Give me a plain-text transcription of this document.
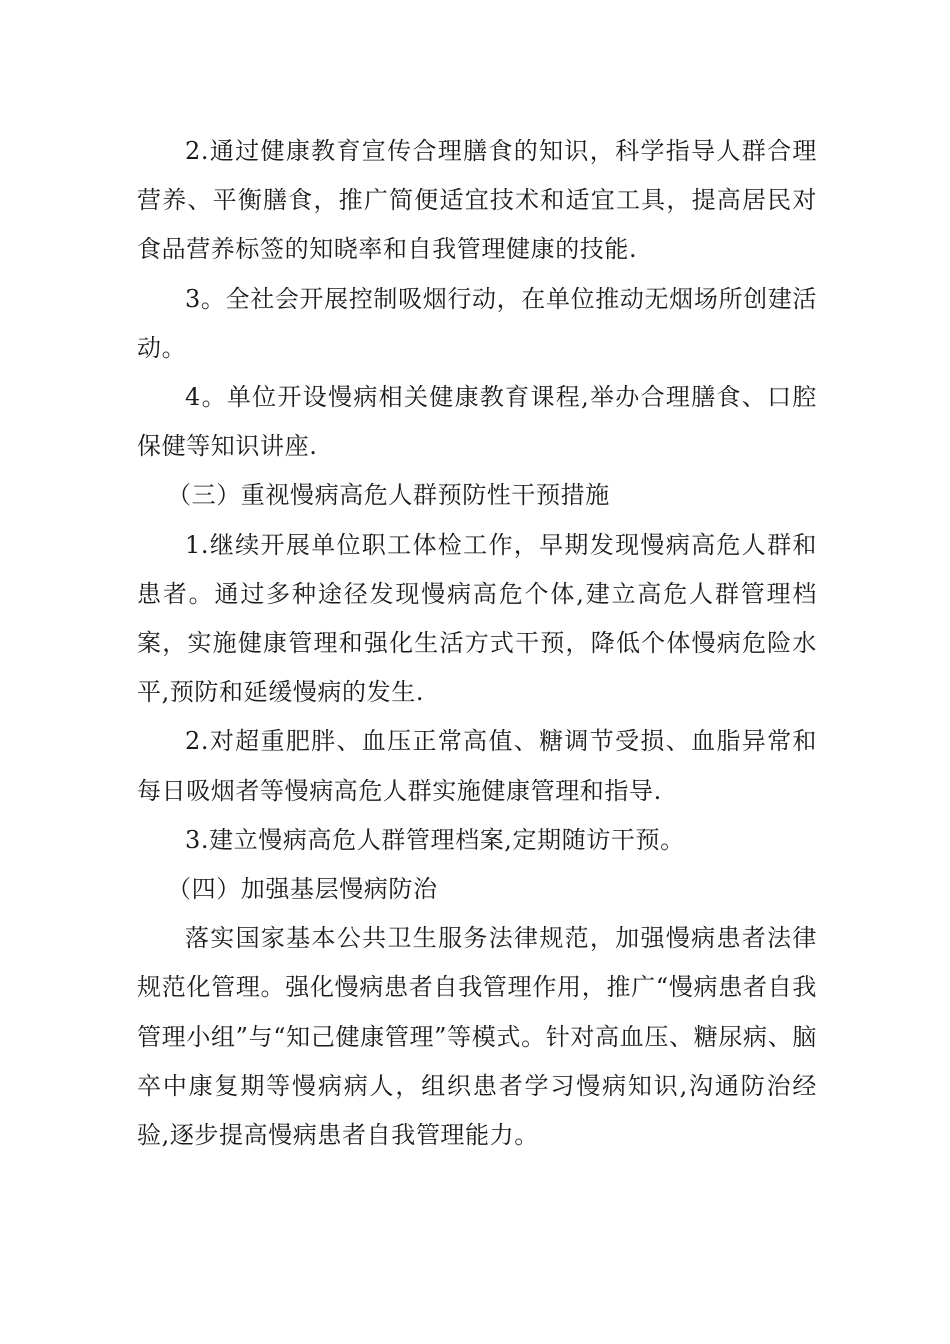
2.通过健康教育宣传合理膳食的知识，科学指导人群合理营养、平衡膳食，推广简便适宜技术和适宜工具，提高居民对食品营养标签的知晓率和自我管理健康的技能.

3。全社会开展控制吸烟行动，在单位推动无烟场所创建活动。

4。单位开设慢病相关健康教育课程,举办合理膳食、口腔保健等知识讲座.

（三）重视慢病高危人群预防性干预措施

1.继续开展单位职工体检工作，早期发现慢病高危人群和患者。通过多种途径发现慢病高危个体,建立高危人群管理档案，实施健康管理和强化生活方式干预，降低个体慢病危险水平,预防和延缓慢病的发生.

2.对超重肥胖、血压正常高值、糖调节受损、血脂异常和每日吸烟者等慢病高危人群实施健康管理和指导.

3.建立慢病高危人群管理档案,定期随访干预。

（四）加强基层慢病防治

落实国家基本公共卫生服务法律规范，加强慢病患者法律规范化管理。强化慢病患者自我管理作用，推广“慢病患者自我管理小组”与“知己健康管理”等模式。针对高血压、糖尿病、脑卒中康复期等慢病病人，组织患者学习慢病知识,沟通防治经验,逐步提高慢病患者自我管理能力。
